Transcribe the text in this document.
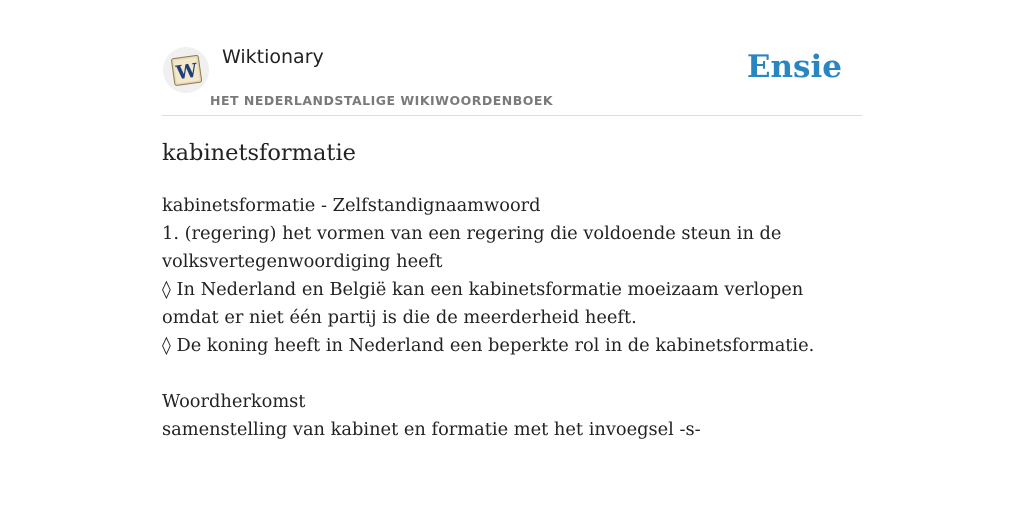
W
Wiktionary
HET NEDERLANDSTALIGE WIKIWOORDENBOEK
Ensie
kabinetsformatie
kabinetsformatie - Zelfstandignaamwoord
1. (regering) het vormen van een regering die voldoende steun in de volksvertegenwoordiging heeft
◊ In Nederland en België kan een kabinetsformatie moeizaam verlopen omdat er niet één partij is die de meerderheid heeft.
◊ De koning heeft in Nederland een beperkte rol in de kabinetsformatie.
Woordherkomst
samenstelling van kabinet en formatie met het invoegsel -s-
